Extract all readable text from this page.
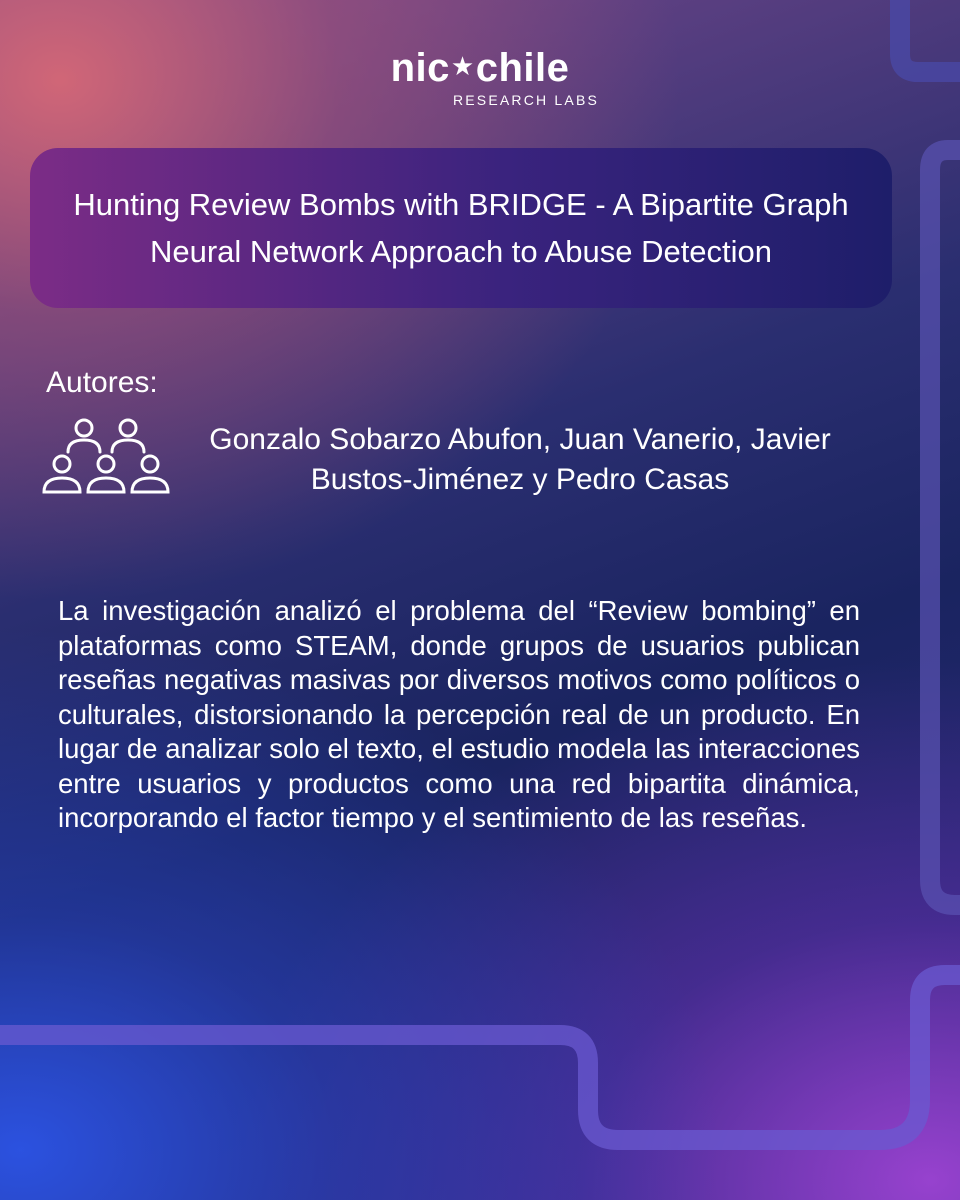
nic★chile
RESEARCH LABS
Hunting Review Bombs with BRIDGE - A Bipartite Graph Neural Network Approach to Abuse Detection
Autores:
Gonzalo Sobarzo Abufon, Juan Vanerio, Javier Bustos-Jiménez y Pedro Casas
La investigación analizó el problema del “Review bombing” en plataformas como STEAM, donde grupos de usuarios publican reseñas negativas masivas por diversos motivos como políticos o culturales, distorsionando la percepción real de un producto. En lugar de analizar solo el texto, el estudio modela las interacciones entre usuarios y productos como una red bipartita dinámica, incorporando el factor tiempo y el sentimiento de las reseñas.
